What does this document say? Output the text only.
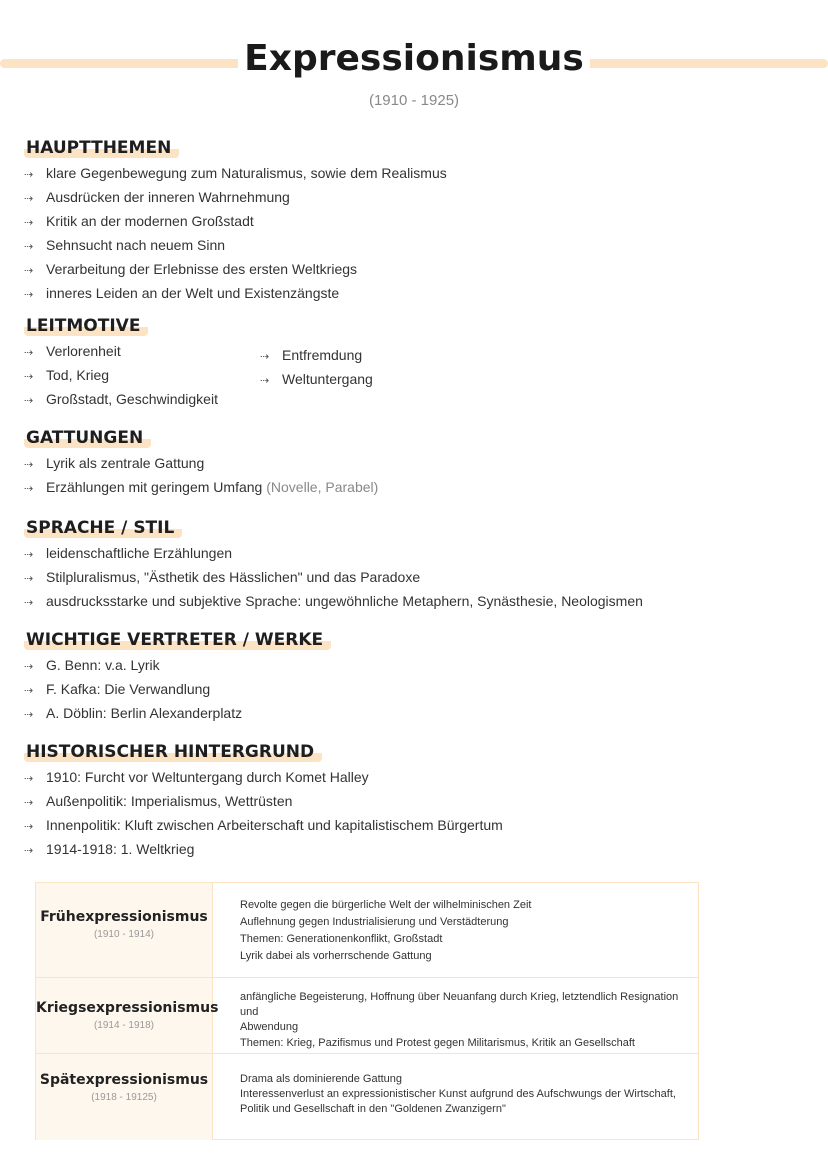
Expressionismus
(1910 - 1925)
HAUPTTHEMEN
⇢ klare Gegenbewegung zum Naturalismus, sowie dem Realismus
⇢ Ausdrücken der inneren Wahrnehmung
⇢ Kritik an der modernen Großstadt
⇢ Sehnsucht nach neuem Sinn
⇢ Verarbeitung der Erlebnisse des ersten Weltkriegs
⇢ inneres Leiden an der Welt und Existenzängste
LEITMOTIVE
⇢ Verlorenheit
⇢ Tod, Krieg
⇢ Großstadt, Geschwindigkeit
⇢ Entfremdung
⇢ Weltuntergang
GATTUNGEN
⇢ Lyrik als zentrale Gattung
⇢ Erzählungen mit geringem Umfang (Novelle, Parabel)
SPRACHE / STIL
⇢ leidenschaftliche Erzählungen
⇢ Stilpluralismus, "Ästhetik des Hässlichen" und das Paradoxe
⇢ ausdrucksstarke und subjektive Sprache: ungewöhnliche Metaphern, Synästhesie, Neologismen
WICHTIGE VERTRETER / WERKE
⇢ G. Benn: v.a. Lyrik
⇢ F. Kafka: Die Verwandlung
⇢ A. Döblin: Berlin Alexanderplatz
HISTORISCHER HINTERGRUND
⇢ 1910: Furcht vor Weltuntergang durch Komet Halley
⇢ Außenpolitik: Imperialismus, Wettrüsten
⇢ Innenpolitik: Kluft zwischen Arbeiterschaft und kapitalistischem Bürgertum
⇢ 1914-1918: 1. Weltkrieg
Frühexpressionismus
(1910 - 1914)
Revolte gegen die bürgerliche Welt der wilhelminischen Zeit
Auflehnung gegen Industrialisierung und Verstädterung
Themen: Generationenkonflikt, Großstadt
Lyrik dabei als vorherrschende Gattung
Kriegsexpressionismus
(1914 - 1918)
anfängliche Begeisterung, Hoffnung über Neuanfang durch Krieg, letztendlich Resignation und
Abwendung
Themen: Krieg, Pazifismus und Protest gegen Militarismus, Kritik an Gesellschaft
Spätexpressionismus
(1918 - 19125)
Drama als dominierende Gattung
Interessenverlust an expressionistischer Kunst aufgrund des Aufschwungs der Wirtschaft,
Politik und Gesellschaft in den "Goldenen Zwanzigern"
